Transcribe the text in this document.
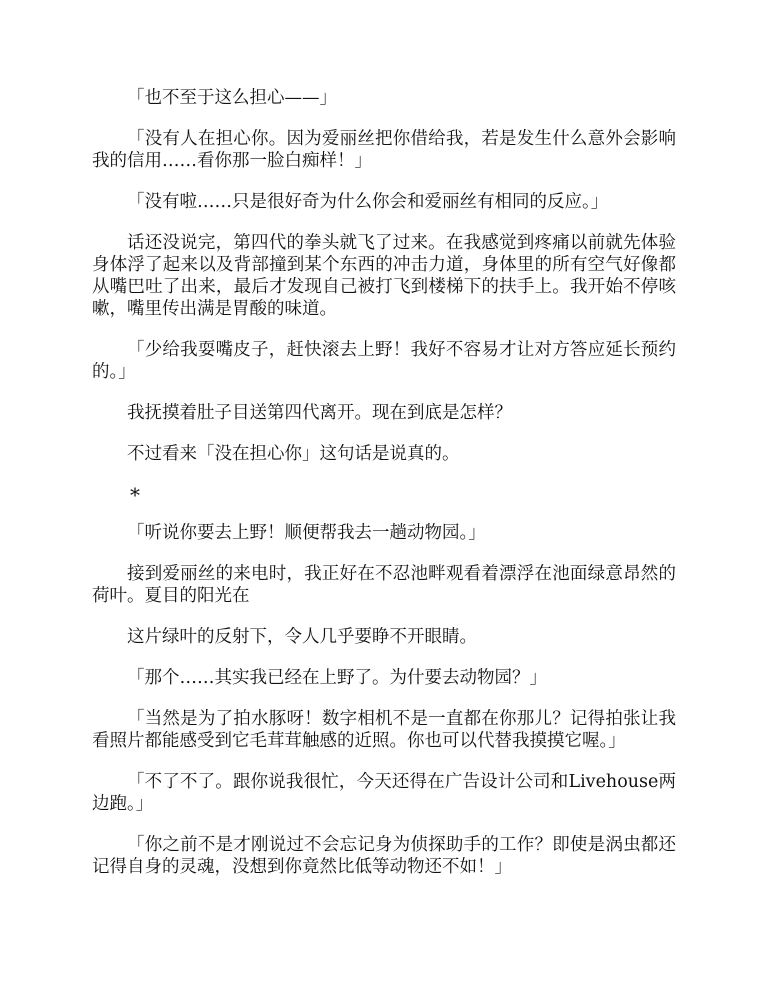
「也不至于这么担心——」

「没有人在担心你。因为爱丽丝把你借给我，若是发生什么意外会影响我的信用……看你那一脸白痴样！」

「没有啦……只是很好奇为什么你会和爱丽丝有相同的反应。」

话还没说完，第四代的拳头就飞了过来。在我感觉到疼痛以前就先体验身体浮了起来以及背部撞到某个东西的冲击力道，身体里的所有空气好像都从嘴巴吐了出来，最后才发现自己被打飞到楼梯下的扶手上。我开始不停咳嗽，嘴里传出满是胃酸的味道。

「少给我耍嘴皮子，赶快滚去上野！我好不容易才让对方答应延长预约的。」

我抚摸着肚子目送第四代离开。现在到底是怎样？

不过看来「没在担心你」这句话是说真的。

*

「听说你要去上野！顺便帮我去一趟动物园。」

接到爱丽丝的来电时，我正好在不忍池畔观看着漂浮在池面绿意昂然的荷叶。夏目的阳光在

这片绿叶的反射下，令人几乎要睁不开眼睛。

「那个……其实我已经在上野了。为什要去动物园？」

「当然是为了拍水豚呀！数字相机不是一直都在你那儿？记得拍张让我看照片都能感受到它毛茸茸触感的近照。你也可以代替我摸摸它喔。」

「不了不了。跟你说我很忙，今天还得在广告设计公司和Livehouse两边跑。」

「你之前不是才刚说过不会忘记身为侦探助手的工作？即使是涡虫都还记得自身的灵魂，没想到你竟然比低等动物还不如！」
